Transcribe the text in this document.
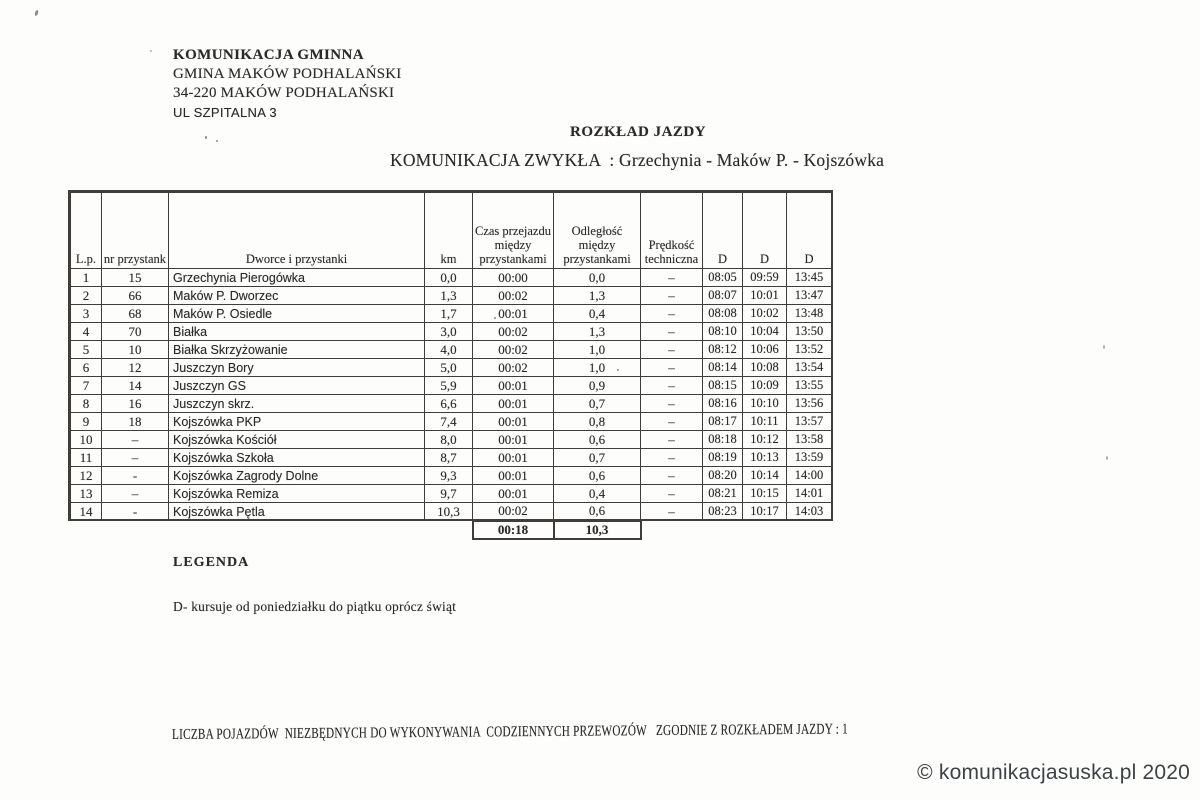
KOMUNIKACJA GMINNA
GMINA MAKÓW PODHALAŃSKI
34-220 MAKÓW PODHALAŃSKI
UL SZPITALNA 3
ROZKŁAD JAZDY
KOMUNIKACJA ZWYKŁA  : Grzechynia - Maków P. - Kojszówka
L.p.	nr przystank	Dworce i przystanki	km	Czas przejazdu między przystankami	Odległość między przystankami	Prędkość techniczna	D	D	D
1	15	Grzechynia Pierogówka	0,0	00:00	0,0	–	08:05	09:59	13:45
2	66	Maków P. Dworzec	1,3	00:02	1,3	–	08:07	10:01	13:47
3	68	Maków P. Osiedle	1,7	00:01	0,4	–	08:08	10:02	13:48
4	70	Białka	3,0	00:02	1,3	–	08:10	10:04	13:50
5	10	Białka Skrzyżowanie	4,0	00:02	1,0	–	08:12	10:06	13:52
6	12	Juszczyn Bory	5,0	00:02	1,0	–	08:14	10:08	13:54
7	14	Juszczyn GS	5,9	00:01	0,9	–	08:15	10:09	13:55
8	16	Juszczyn skrz.	6,6	00:01	0,7	–	08:16	10:10	13:56
9	18	Kojszówka PKP	7,4	00:01	0,8	–	08:17	10:11	13:57
10	–	Kojszówka Kościół	8,0	00:01	0,6	–	08:18	10:12	13:58
11	–	Kojszówka Szkoła	8,7	00:01	0,7	–	08:19	10:13	13:59
12	-	Kojszówka Zagrody Dolne	9,3	00:01	0,6	–	08:20	10:14	14:00
13	–	Kojszówka Remiza	9,7	00:01	0,4	–	08:21	10:15	14:01
14	-	Kojszówka Pętla	10,3	00:02	0,6	–	08:23	10:17	14:03
				00:18	10,3				
LEGENDA
D- kursuje od poniedziałku do piątku oprócz świąt
LICZBA POJAZDÓW  NIEZBĘDNYCH DO WYKONYWANIA  CODZIENNYCH PRZEWOZÓW   ZGODNIE Z ROZKŁADEM JAZDY : 1
© komunikacjasuska.pl 2020
